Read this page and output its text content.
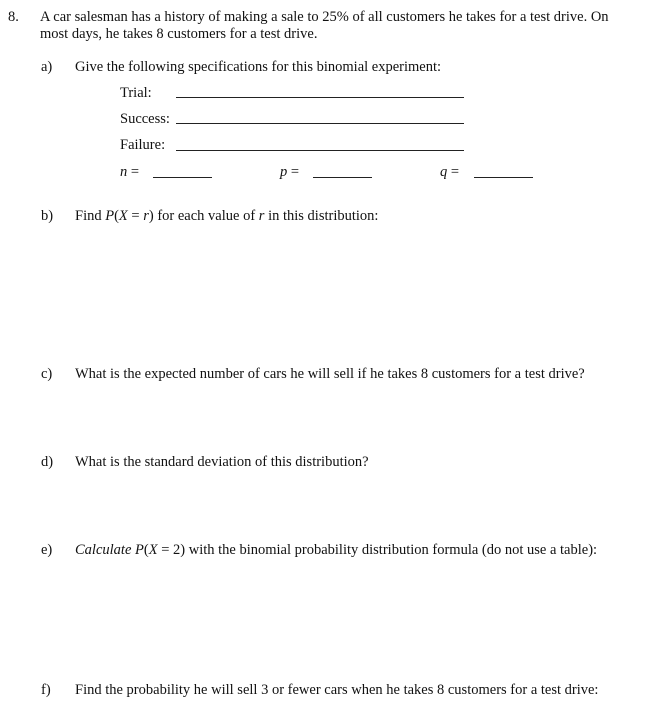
8. A car salesman has a history of making a sale to 25% of all customers he takes for a test drive. On
most days, he takes 8 customers for a test drive.
a) Give the following specifications for this binomial experiment:
Trial:
Success:
Failure:
n =	p =	q =
b) Find P(X = r) for each value of r in this distribution:
c) What is the expected number of cars he will sell if he takes 8 customers for a test drive?
d) What is the standard deviation of this distribution?
e) Calculate P(X = 2) with the binomial probability distribution formula (do not use a table):
f) Find the probability he will sell 3 or fewer cars when he takes 8 customers for a test drive:
